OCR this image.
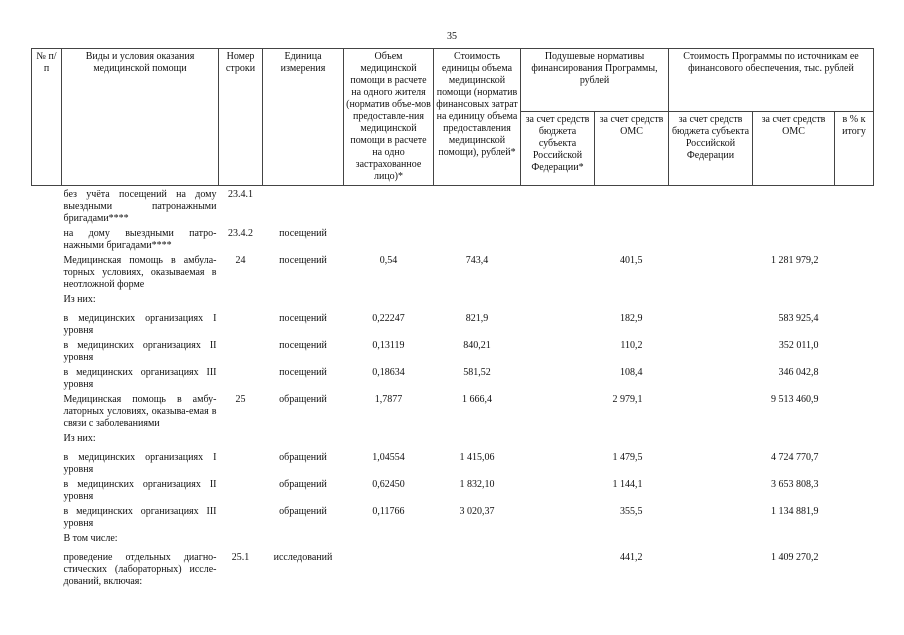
35
№ п/п	Виды и условия оказания медицинской помощи	Номер строки	Единица измерения	Объем медицинской помощи в расчете на одного жителя (норматив объе-мов предоставле-ния медицинской помощи в расчете на одно застрахованное лицо)*	Стоимость единицы объема медицинской помощи (норматив финансовых затрат на единицу объема предоставления медицинской помощи), рублей*	Подушевые нормативы финансирования Программы, рублей		Стоимость Программы по источникам ее финансового обеспечения, тыс. рублей		
						за счет средств бюджета субъекта Российской Федерации*	за счет средств ОМС	за счет средств бюджета субъекта Российской Федерации	за счет средств ОМС	в % к итогу
	без учёта посещений на дому выездными патронажными бригадами****	23.4.1								
	на дому выездными патро-нажными бригадами****	23.4.2	посещений							
	Медицинская помощь в амбула-торных условиях, оказываемая в неотложной форме	24	посещений	0,54	743,4		401,5		1 281 979,2	
	Из них:									
	в медицинских организациях I уровня		посещений	0,22247	821,9		182,9		583 925,4	
	в медицинских организациях II уровня		посещений	0,13119	840,21		110,2		352 011,0	
	в медицинских организациях III уровня		посещений	0,18634	581,52		108,4		346 042,8	
	Медицинская помощь в амбу-латорных условиях, оказыва-емая в связи с заболеваниями	25	обращений	1,7877	1 666,4		2 979,1		9 513 460,9	
	Из них:									
	в медицинских организациях I уровня		обращений	1,04554	1 415,06		1 479,5		4 724 770,7	
	в медицинских организациях II уровня		обращений	0,62450	1 832,10		1 144,1		3 653 808,3	
	в медицинских организациях III уровня		обращений	0,11766	3 020,37		355,5		1 134 881,9	
	В том числе:									
	проведение отдельных диагно-стических (лабораторных) иссле-дований, включая:	25.1	исследований				441,2		1 409 270,2	
